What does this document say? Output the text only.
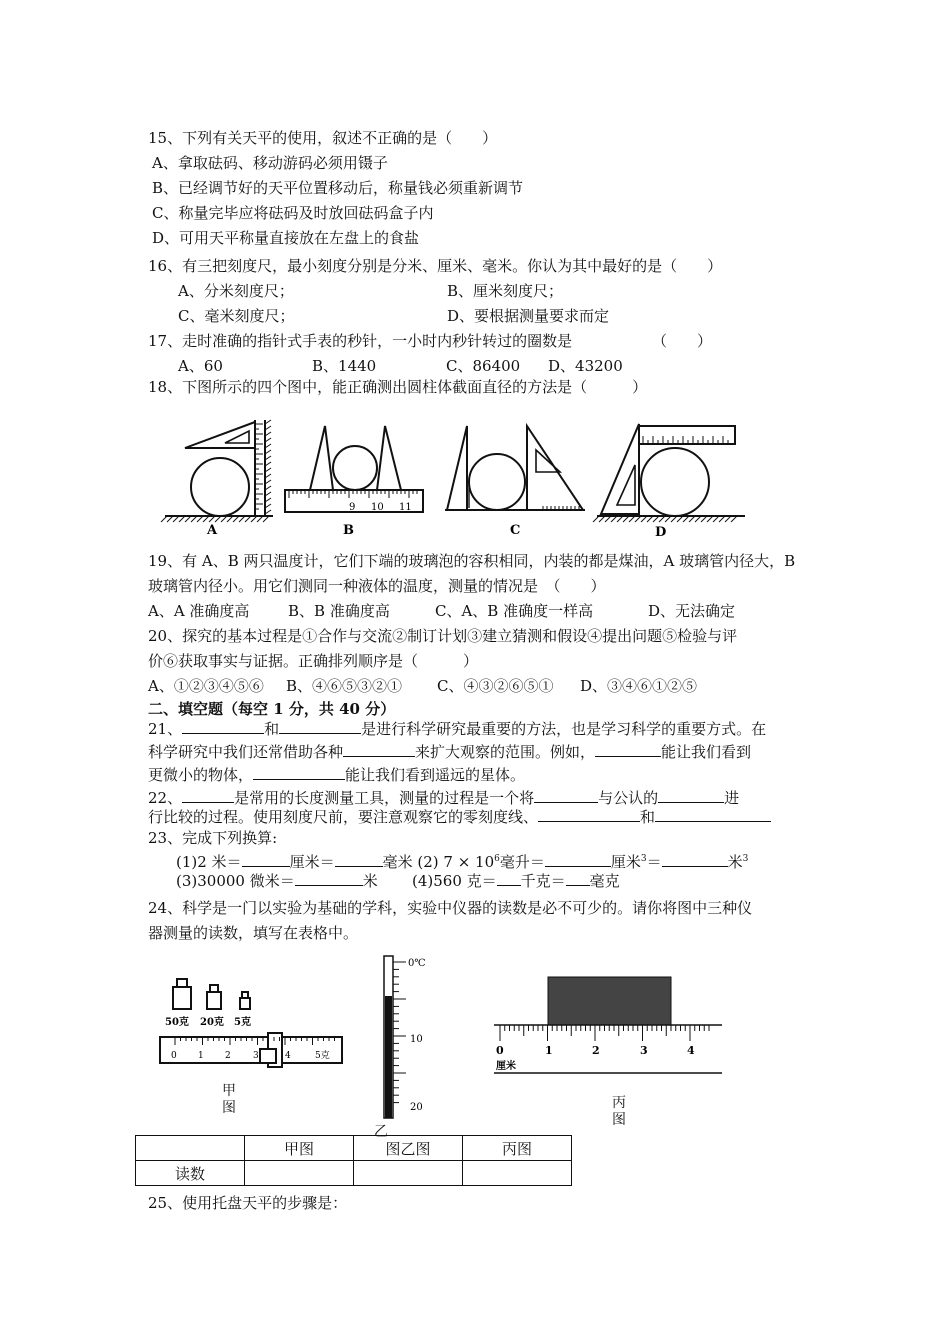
15、下列有关天平的使用，叙述不正确的是（　　）
A、拿取砝码、移动游码必须用镊子
B、已经调节好的天平位置移动后，称量钱必须重新调节
C、称量完毕应将砝码及时放回砝码盒子内
D、可用天平称量直接放在左盘上的食盐
16、有三把刻度尺，最小刻度分别是分米、厘米、毫米。你认为其中最好的是（　　）
A、分米刻度尺；	B、厘米刻度尺；
C、毫米刻度尺；	D、要根据测量要求而定
17、走时准确的指针式手表的秒针，一小时内秒针转过的圈数是	（　　）
A、60	B、1440	C、86400 D、43200
18、下图所示的四个图中，能正确测出圆柱体截面直径的方法是（　　　）
9 10 11
A	B	C	D
19、有 A、B 两只温度计，它们下端的玻璃泡的容积相同，内装的都是煤油，A 玻璃管内径大，B
玻璃管内径小。用它们测同一种液体的温度，测量的情况是　（　　）
A、A 准确度高	B、B 准确度高	C、A、B 准确度一样高	D、无法确定
20、探究的基本过程是①合作与交流②制订计划③建立猜测和假设④提出问题⑤检验与评
价⑥获取事实与证据。正确排列顺序是（　　　）
A、①②③④⑤⑥ B、④⑥⑤③②① C、④③②⑥⑤① D、③④⑥①②⑤
二、填空题（每空 1 分，共 40 分）
21、	和	是进行科学研究最重要的方法，也是学习科学的重要方式。在
科学研究中我们还常借助各种	来扩大观察的范围。例如，	能让我们看到
更微小的物体，	能让我们看到遥远的星体。
22、	是常用的长度测量工具，测量的过程是一个将	与公认的	进
行比较的过程。使用刻度尺前，要注意观察它的零刻度线、	和
23、完成下列换算:
(1)2 米＝	厘米＝	毫米 (2) $7 \times 10^6$毫升＝	厘米$^3$＝	米$^3$
(3)30000 微米＝	米 (4)560 克＝ 千克＝ 毫克
24、科学是一门以实验为基础的学科，实验中仪器的读数是必不可少的。请你将图中三种仪
器测量的读数，填写在表格中。
50克 20克 5克
0 1 2 3	4	5克
甲
图
0℃
10
20
乙
0	1	2	3	4
厘米
丙
图
	甲图	图乙图	丙图
读数			
25、使用托盘天平的步骤是：
